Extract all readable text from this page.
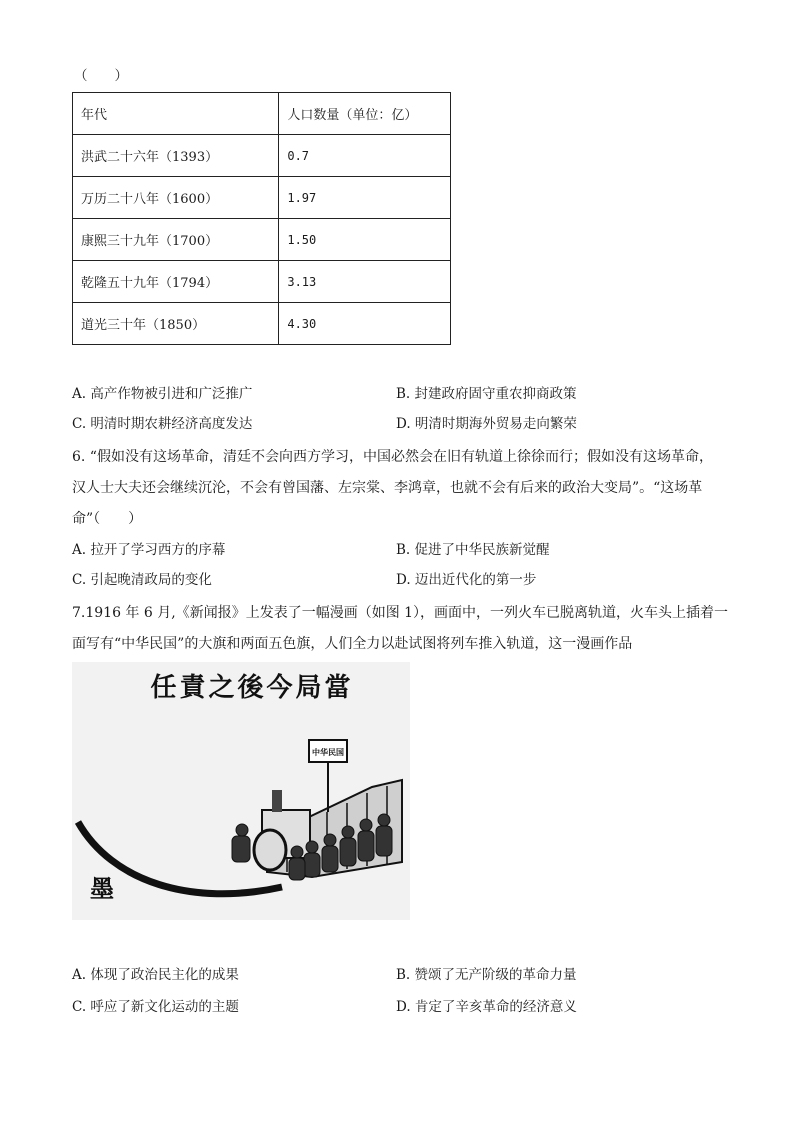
（　　）
年代	人口数量（单位：亿）
洪武二十六年（1393）	0.7
万历二十八年（1600）	1.97
康熙三十九年（1700）	1.50
乾隆五十九年（1794）	3.13
道光三十年（1850）	4.30
A. 高产作物被引进和广泛推广	B. 封建政府固守重农抑商政策
C. 明清时期农耕经济高度发达	D. 明清时期海外贸易走向繁荣
6. “假如没有这场革命，清廷不会向西方学习，中国必然会在旧有轨道上徐徐而行；假如没有这场革命，
汉人士大夫还会继续沉沦，不会有曾国藩、左宗棠、李鸿章，也就不会有后来的政治大变局”。“这场革
命”（　　）
A. 拉开了学习西方的序幕	B. 促进了中华民族新觉醒
C. 引起晚清政局的变化	D. 迈出近代化的第一步
7.1916 年 6 月,《新闻报》上发表了一幅漫画（如图 1），画面中，一列火车已脱离轨道，火车头上插着一
面写有“中华民国”的大旗和两面五色旗，人们全力以赴试图将列车推入轨道，这一漫画作品
任責之後今局當
中华民国
墨
A. 体现了政治民主化的成果	B. 赞颂了无产阶级的革命力量
C. 呼应了新文化运动的主题	D. 肯定了辛亥革命的经济意义
